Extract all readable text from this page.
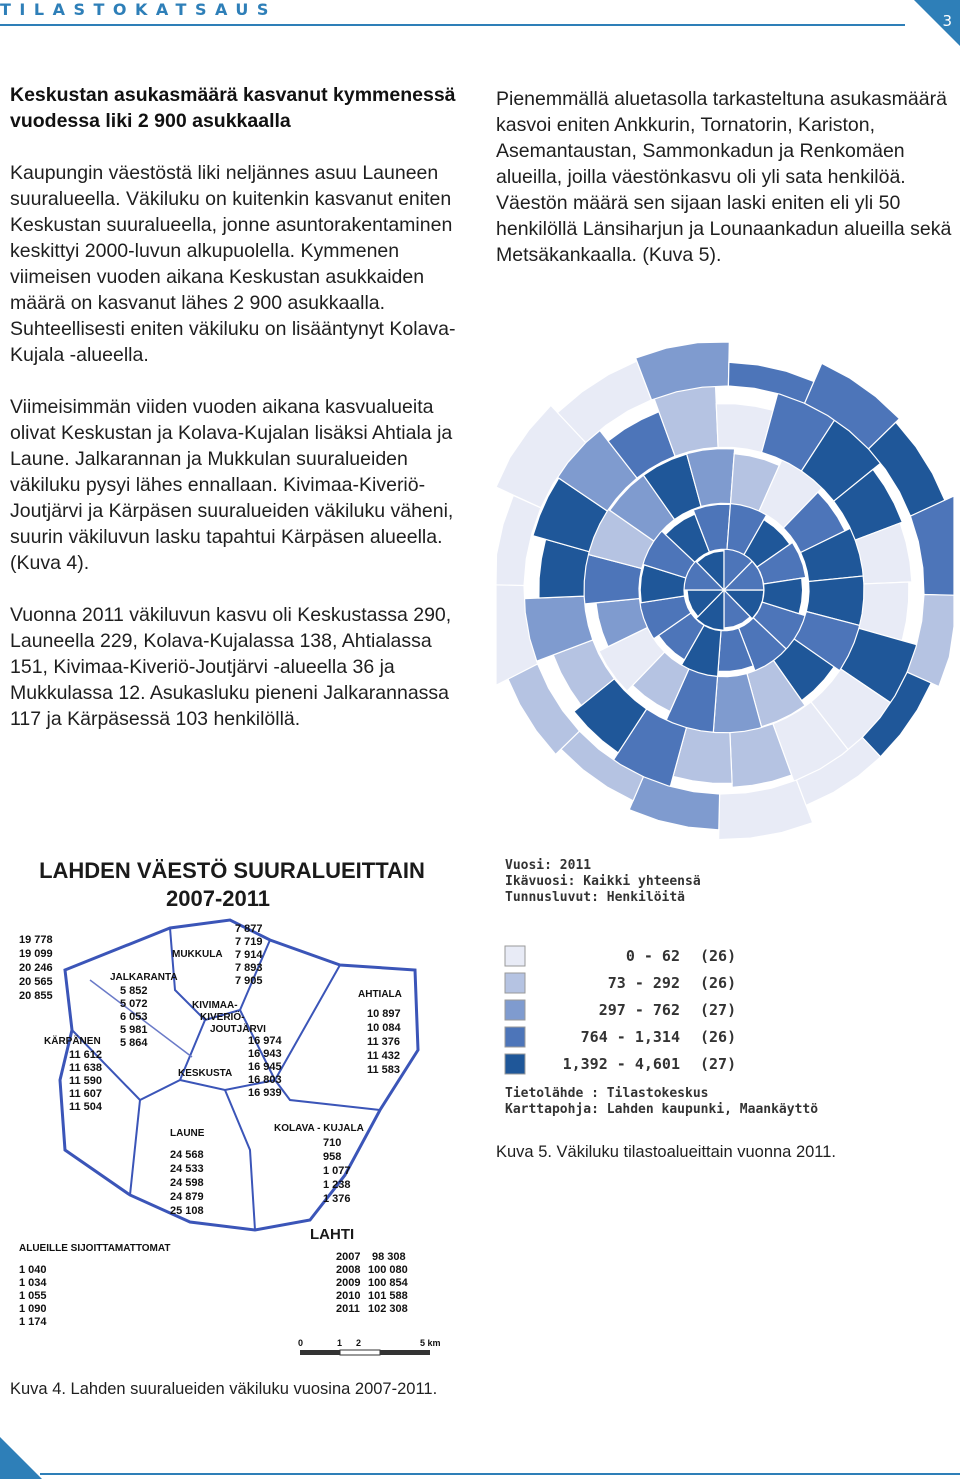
TILASTOKATSAUS
3

Keskustan asukasmäärä kasvanut kymmenessä vuodessa liki 2 900 asukkaalla

Kaupungin väestöstä liki neljännes asuu Launeen suuralueella. Väkiluku on kuitenkin kasvanut eniten Keskustan suuralueella, jonne asuntorakentaminen keskittyi 2000-luvun alkupuolella. Kymmenen viimeisen vuoden aikana Keskustan asukkaiden määrä on kasvanut lähes 2 900 asukkaalla. Suhteellisesti eniten väkiluku on lisääntynyt Kolava-Kujala -alueella.

Viimeisimmän viiden vuoden aikana kasvualueita olivat Keskustan ja Kolava-Kujalan lisäksi Ahtiala ja Laune. Jalkarannan ja Mukkulan suuralueiden väkiluku pysyi lähes ennallaan. Kivimaa-Kiveriö-Joutjärvi ja Kärpäsen suuralueiden väkiluku väheni, suurin väkiluvun lasku tapahtui Kärpäsen alueella. (Kuva 4).

Vuonna 2011 väkiluvun kasvu oli Keskustassa 290, Launeella 229, Kolava-Kujalassa 138, Ahtialassa 151, Kivimaa-Kiveriö-Joutjärvi -alueella 36 ja Mukkulassa 12. Asukasluku pieneni Jalkarannassa 117 ja Kärpäsessä 103 henkilöllä.

Pienemmällä aluetasolla tarkasteltuna asukasmäärä kasvoi eniten Ankkurin, Tornatorin, Kariston, Asemantaustan, Sammonkadun ja Renkomäen alueilla, joilla väestönkasvu oli yli sata henkilöä. Väestön määrä sen sijaan laski eniten eli yli 50 henkilöllä Länsiharjun ja Lounaankadun alueilla sekä Metsäkankaalla. (Kuva 5).

LAHDEN VÄESTÖ SUURALUEITTAIN
2007-2011
MUKKULA
JALKARANTA
KIVIMAA-KIVERIÖ-JOUTJÄRVI
AHTIALA
KÄRPÄNEN
KESKUSTA
LAUNE	KOLAVA - KUJALA
ALUEILLE SIJOITTAMATTOMAT
LAHTI
19 778
19 099
20 246
20 565
20 855
7 877
7 719
7 914
7 893
7 905
5 852
5 072
6 053
5 981
5 864	16 974
16 943
16 945
16 803
16 939
10 897
10 084
11 376
11 432
11 583
11 612
11 638
11 590
11 607
11 504
24 568
24 533
24 598
24 879
25 108
710
958
1 077
1 238
1 376
1 040
1 034
1 055
1 090
1 174
2007 98 308
2008 100 080
2009 100 854
2010 101 588
2011 102 308
0	1 2	5 km
Vuosi: 2011
Ikävuosi: Kaikki yhteensä
Tunnusluvut: Henkilöitä
0 - 62 (26)
73 - 292 (26)
297 - 762 (27)
764 - 1,314 (26)
1,392 - 4,601 (27)
Tietolähde : Tilastokeskus
Karttapohja: Lahden kaupunki, Maankäyttö
Kuva 5. Väkiluku tilastoalueittain vuonna 2011.
Kuva 4. Lahden suuralueiden väkiluku vuosina 2007-2011.
